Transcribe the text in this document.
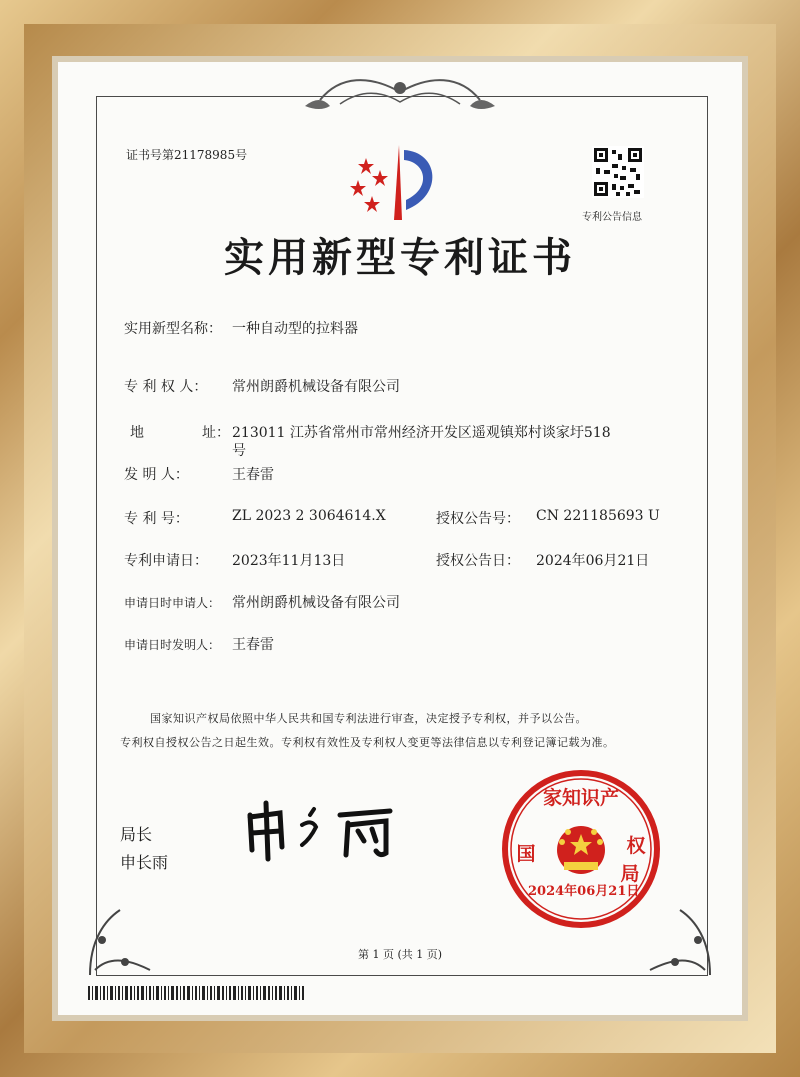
证书号第21178985号
专利公告信息
实用新型专利证书
实用新型名称： 一种自动型的拉料器
专 利 权 人： 常州朗爵机械设备有限公司
地	址： 213011 江苏省常州市常州经济开发区遥观镇郑村谈家圩518
号
发 明 人：	王春雷
专 利 号：	ZL 2023 2 3064614.X	授权公告号： CN 221185693 U
专利申请日： 2023年11月13日	授权公告日： 2024年06月21日
申请日时申请人： 常州朗爵机械设备有限公司
申请日时发明人： 王春雷
国家知识产权局依照中华人民共和国专利法进行审查，决定授予专利权，并予以公告。
专利权自授权公告之日起生效。专利权有效性及专利权人变更等法律信息以专利登记簿记载为准。
局长
申长雨
家知识产
国	权
局
2024年06月21日
第 1 页 (共 1 页)
